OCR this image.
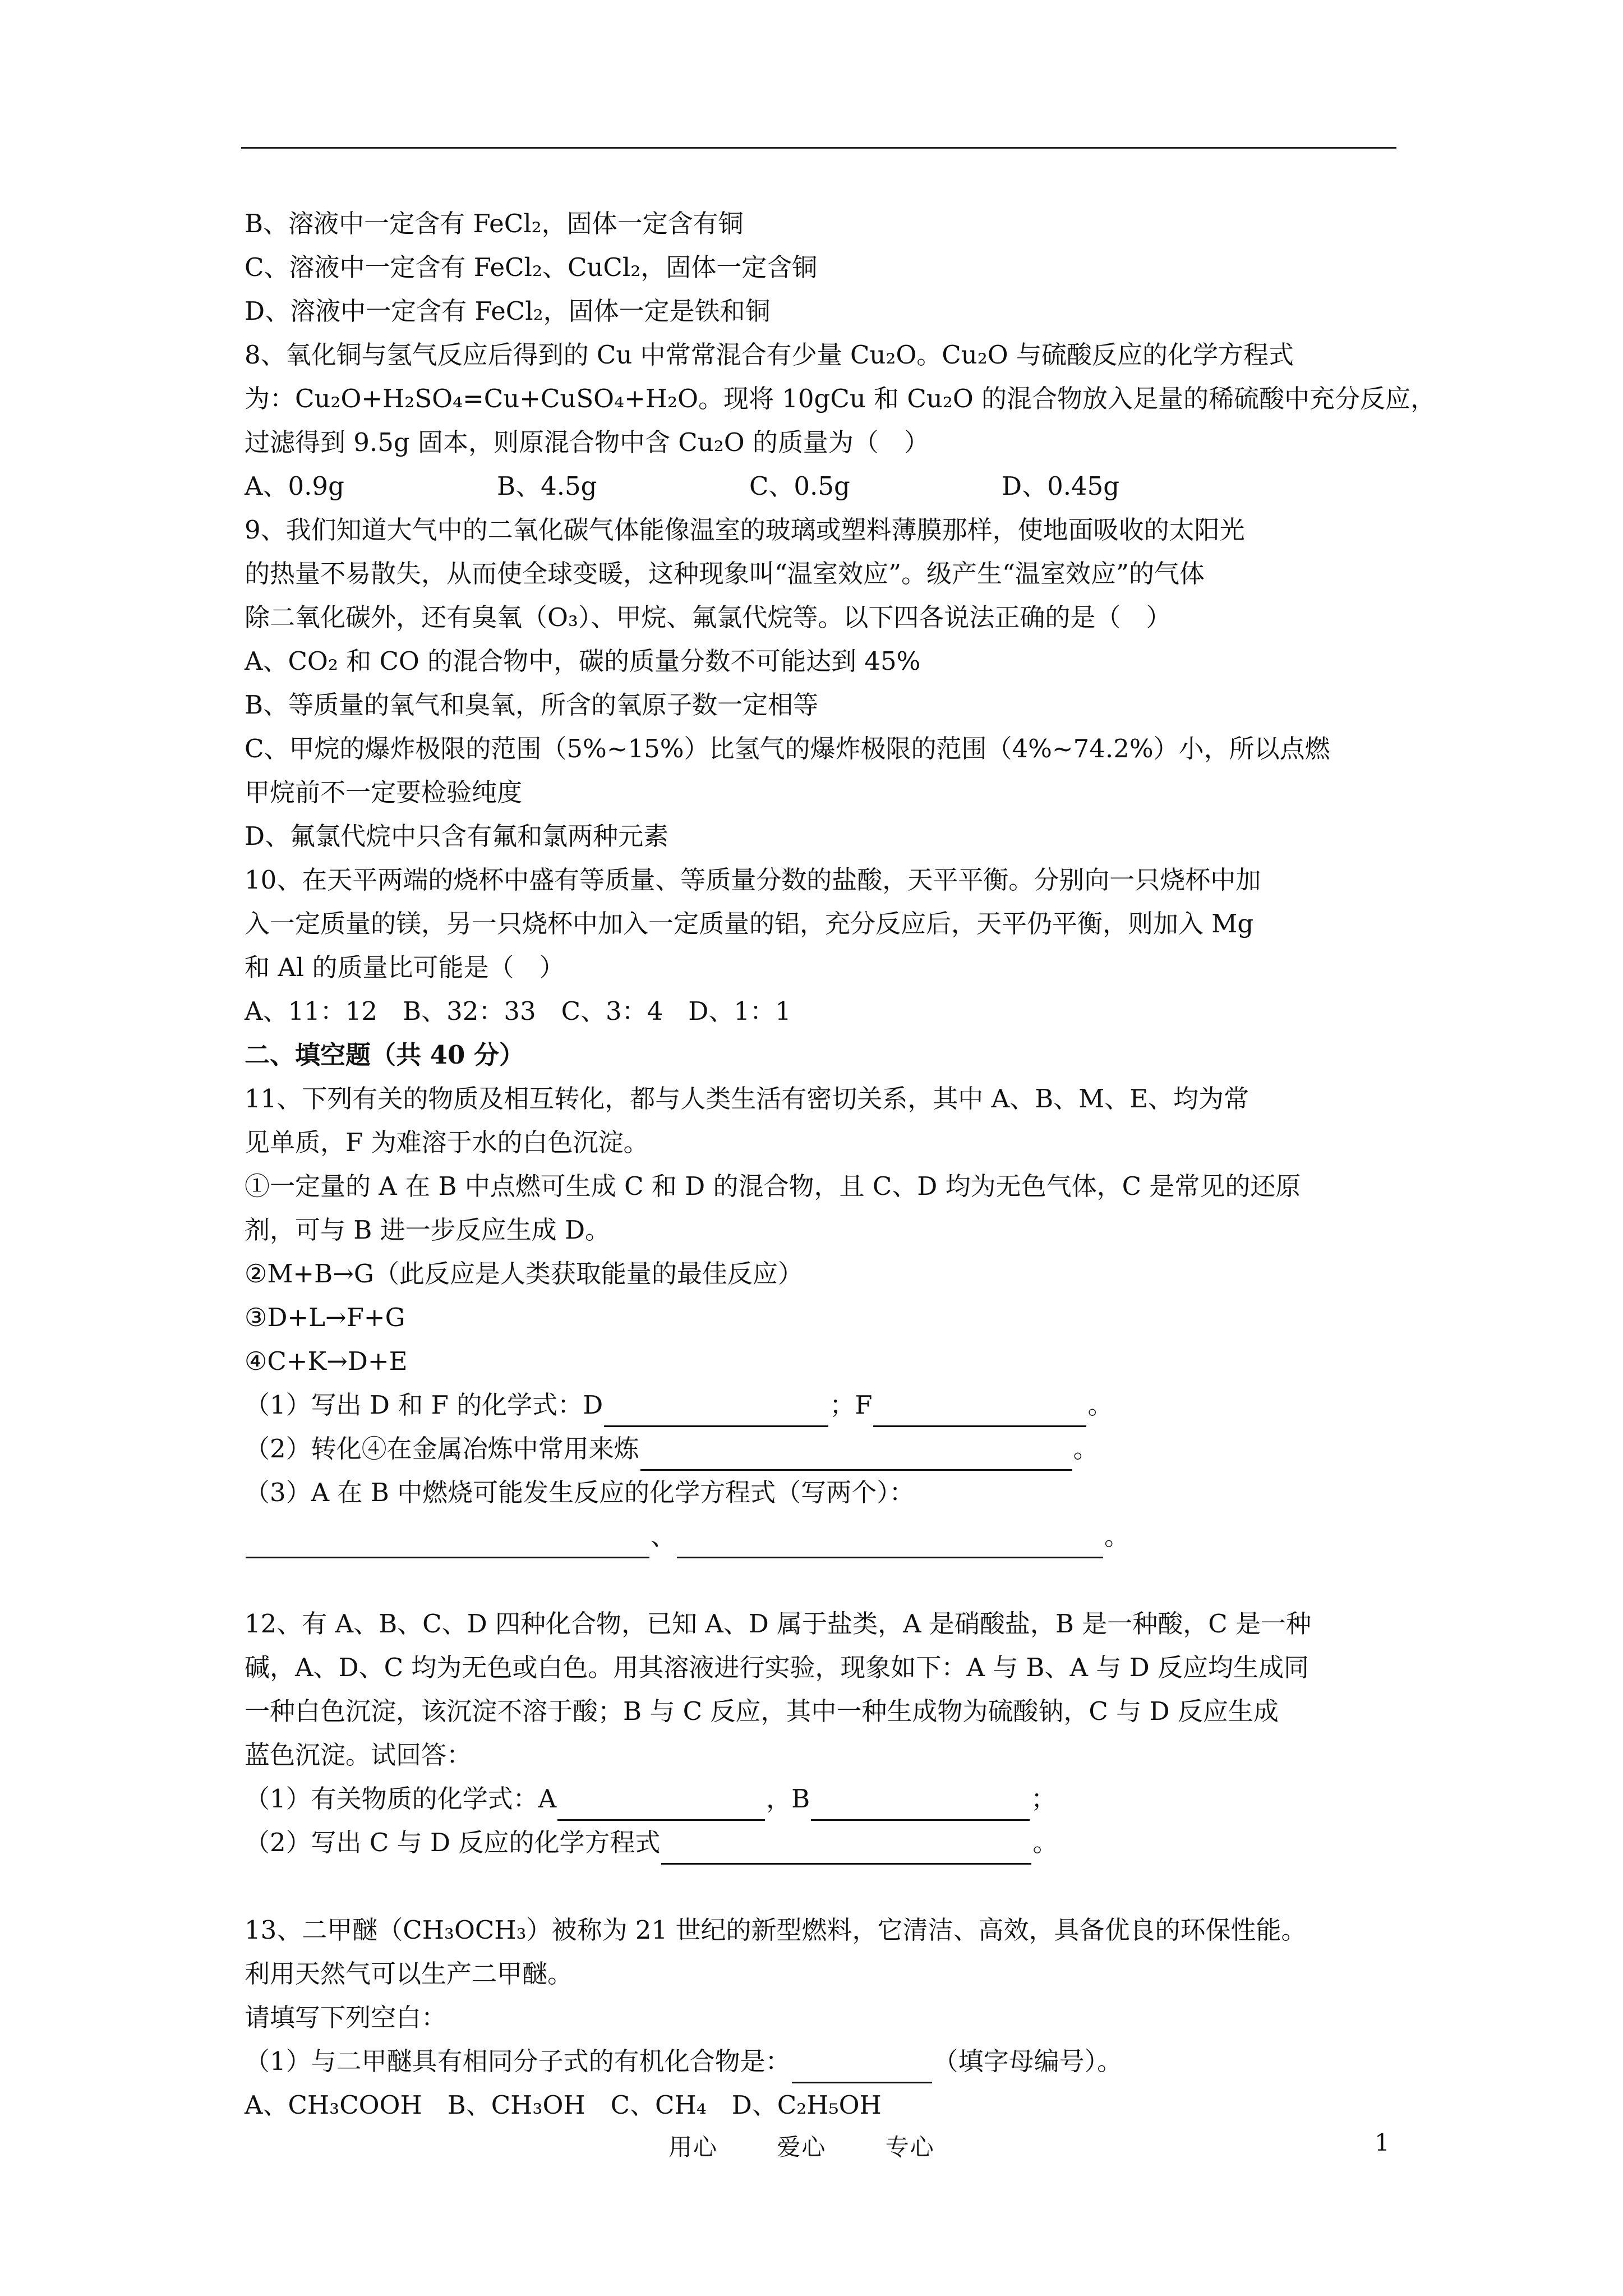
B、溶液中一定含有 FeCl₂，固体一定含有铜
C、溶液中一定含有 FeCl₂、CuCl₂，固体一定含铜
D、溶液中一定含有 FeCl₂，固体一定是铁和铜
8、氧化铜与氢气反应后得到的 Cu 中常常混合有少量 Cu₂O。Cu₂O 与硫酸反应的化学方程式
为：Cu₂O+H₂SO₄=Cu+CuSO₄+H₂O。现将 10gCu 和 Cu₂O 的混合物放入足量的稀硫酸中充分反应，
过滤得到 9.5g 固本，则原混合物中含 Cu₂O 的质量为（　）
A、0.9g	B、4.5g	C、0.5g	D、0.45g
9、我们知道大气中的二氧化碳气体能像温室的玻璃或塑料薄膜那样，使地面吸收的太阳光
的热量不易散失，从而使全球变暖，这种现象叫“温室效应”。级产生“温室效应”的气体
除二氧化碳外，还有臭氧（O₃）、甲烷、氟氯代烷等。以下四各说法正确的是（　）
A、CO₂ 和 CO 的混合物中，碳的质量分数不可能达到 45%
B、等质量的氧气和臭氧，所含的氧原子数一定相等
C、甲烷的爆炸极限的范围（5%~15%）比氢气的爆炸极限的范围（4%~74.2%）小，所以点燃
甲烷前不一定要检验纯度
D、氟氯代烷中只含有氟和氯两种元素
10、在天平两端的烧杯中盛有等质量、等质量分数的盐酸，天平平衡。分别向一只烧杯中加
入一定质量的镁，另一只烧杯中加入一定质量的铝，充分反应后，天平仍平衡，则加入 Mg
和 Al 的质量比可能是（　）
A、11：12　B、32：33　C、3：4　D、1：1
二、填空题（共 40 分）
11、下列有关的物质及相互转化，都与人类生活有密切关系，其中 A、B、M、E、均为常
见单质，F 为难溶于水的白色沉淀。
①一定量的 A 在 B 中点燃可生成 C 和 D 的混合物，且 C、D 均为无色气体，C 是常见的还原
剂，可与 B 进一步反应生成 D。
②M+B→G（此反应是人类获取能量的最佳反应）
③D+L→F+G
④C+K→D+E
（1）写出 D 和 F 的化学式：D	；F	。
（2）转化④在金属冶炼中常用来炼	。
（3）A 在 B 中燃烧可能发生反应的化学方程式（写两个）：
、	。
12、有 A、B、C、D 四种化合物，已知 A、D 属于盐类，A 是硝酸盐，B 是一种酸，C 是一种
碱，A、D、C 均为无色或白色。用其溶液进行实验，现象如下：A 与 B、A 与 D 反应均生成同
一种白色沉淀，该沉淀不溶于酸；B 与 C 反应，其中一种生成物为硫酸钠，C 与 D 反应生成
蓝色沉淀。试回答：
（1）有关物质的化学式：A	，B	；
（2）写出 C 与 D 反应的化学方程式	。
13、二甲醚（CH₃OCH₃）被称为 21 世纪的新型燃料，它清洁、高效，具备优良的环保性能。
利用天然气可以生产二甲醚。
请填写下列空白：
（1）与二甲醚具有相同分子式的有机化合物是：	（填字母编号）。
A、CH₃COOH　B、CH₃OH　C、CH₄　D、C₂H₅OH
用心	爱心	专心	1
